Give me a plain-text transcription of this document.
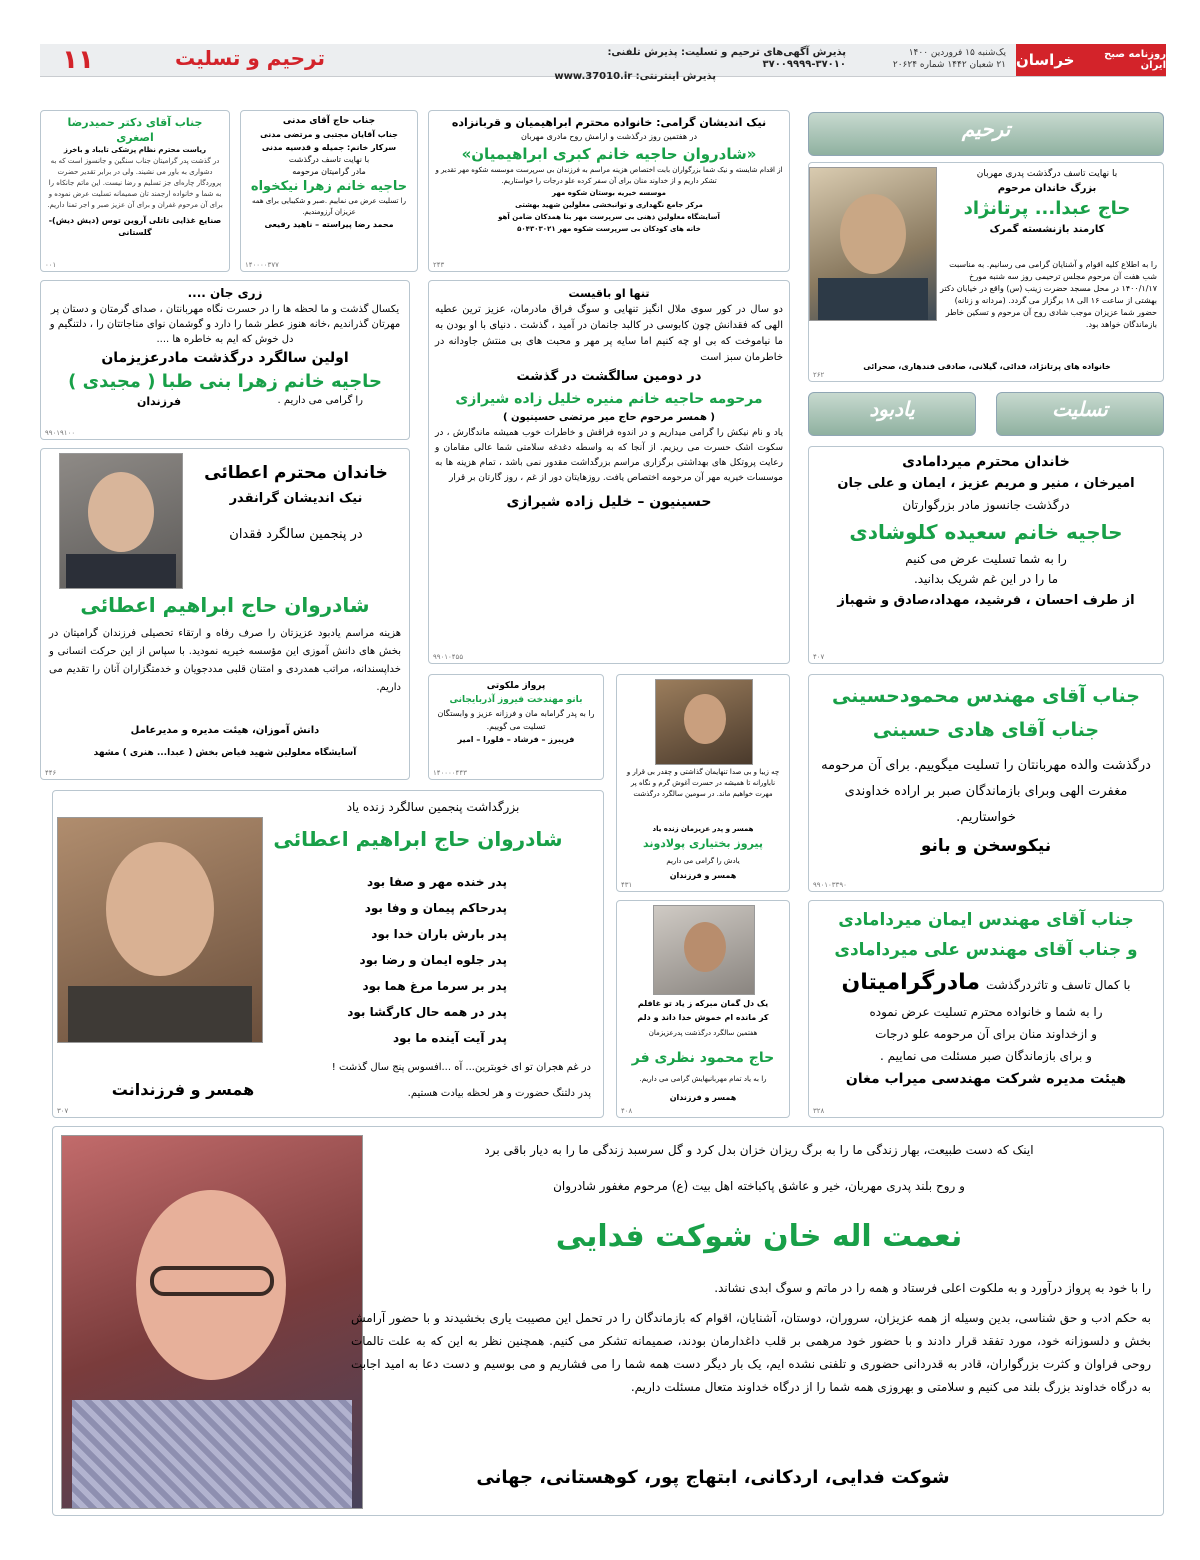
روزنامه صبح ایران
خراسان
یک‌شنبه ۱۵ فروردین ۱۴۰۰
۲۱ شعبان ۱۴۴۲ شماره ۲۰۶۲۴
پذیرش آگهی‌های ترحیم و تسلیت: پذیرش تلفنی: ۳۷۰۱۰-۳۷۰۰۹۹۹۹
پذیرش اینترنتی: www.37010.ir
ترحیم و تسلیت
۱۱

جناب آقای دکتر حمیدرضا اصغری

ریاست محترم نظام پزشکی تایباد و باخرز

در گذشت پدر گرامیتان جناب سنگین و جانسوز است که به دشواری به باور می نشیند. ولی در برابر تقدیر حضرت پروردگار چاره‌ای جز تسلیم و رضا نیست. این ماتم جانکاه را به شما و خانواده ارجمند تان صمیمانه تسلیت عرض نموده و برای آن مرحوم غفران و برای آن عزیز صبر و اجر تمنا داریم.

صنایع غذایی تاتلی آروین توس (دیش دیش)- گلستانی

۰۰۱

جناب حاج آقای مدنی

جناب آقایان مجتبی و مرتضی مدنی

سرکار خانم: جمیله و قدسیه مدنی

با نهایت تاسف درگذشت

مادر گرامیتان مرحومه

حاجیه خانم زهرا نیکخواه

را تسلیت عرض می نماییم .صبر و شکیبایی برای همه عزیزان آرزومندیم.

محمد رضا پیراسته – ناهید رفیعی

۱۴۰۰۰۰۳۷۷

نیک اندیشان گرامی: خانواده محترم ابراهیمیان و قربانزاده

در هفتمین روز درگذشت و ارامش روح مادری مهربان

«شادروان حاجیه خانم کبری ابراهیمیان»

از اقدام شایسته و نیک شما بزرگواران بابت اختصاص هزینه مراسم به فرزندان بی سرپرست موسسه شکوه مهر تقدیر و تشکر داریم و از خداوند منان برای آن سفر کرده علو درجات را خواستاریم.

موسسه خیریه بوستان شکوه مهر

مرکز جامع نگهداری و توانبخشی معلولین شهید بهشتی

آسایشگاه معلولین ذهنی بی سرپرست مهر بنا همدکان ضامن آهو

خانه های کودکان بی سرپرست شکوه مهر ۵۰۴۳۰۳۰۲۱

۲۴۳
ترحیم

با نهایت تاسف درگذشت پدری مهربان

بزرگ خاندان مرحوم

حاج عبدا... پرتانژاد

کارمند بازنشسته گمرک

را به اطلاع کلیه اقوام و آشنایان گرامی می رسانیم. به مناسبت شب هفت آن مرحوم مجلس ترحیمی روز سه شنبه مورخ ۱۴۰۰/۱/۱۷ در محل مسجد حضرت زینب (س) واقع در خیابان دکتر بهشتی از ساعت ۱۶ الی ۱۸ برگزار می گردد. (مردانه و زنانه) حضور شما عزیزان موجب شادی روح آن مرحوم و تسکین خاطر بازماندگان خواهد بود.

خانواده های پرتانژاد، فدائی، گیلانی، صادقی فندهاری، صحرائی

۲۶۲

زری جان ....

یکسال گذشت و ما لحظه ها را در حسرت نگاه مهربانتان ، صدای گرمتان و دستان پر مهرتان گذراندیم ،خانه هنوز عطر شما را دارد و گوشمان نوای مناجاتتان را ، دلتنگیم و دل خوش که ایم به خاطره ها ....

اولین سالگرد درگذشت مادرعزیزمان

حاجیه خانم زهرا بنی طبا ( مجیدی )

را گرامی می داریم .
فرزندان
۹۹۰۱۹۱۰۰

تنها او باقیست

دو سال در کور سوی ملال انگیز تنهایی و سوگ فراق مادرمان، عزیز ترین عطیه الهی که فقدانش چون کابوسی در کالبد جانمان در آمید ، گذشت . دنیای با او بودن به ما نیاموخت که بی او چه کنیم اما سایه پر مهر و محبت های بی منتش جاودانه در خاطرمان سبز است

در دومین سالگشت در گذشت

مرحومه حاجیه خانم منیره خلیل زاده شیرازی

( همسر مرحوم حاج میر مرتضی حسینیون )

یاد و نام نیکش را گرامی میداریم و در اندوه فراقش و خاطرات خوب همیشه ماندگارش ، در سکوت اشک حسرت می ریزیم. از آنجا که به واسطه دغدغه سلامتی شما عالی مقامان و رعایت پروتکل های بهداشتی برگزاری مراسم بزرگداشت مقدور نمی باشد ، تمام هزینه ها به موسسات خیریه مهر آن مرحومه اختصاص یافت. روزهایتان دور از غم ، روز گارتان بر قرار

حسینیون – خلیل زاده شیرازی

۹۹۰۱۰۴۵۵
تسلیت
یادبود

خاندان محترم میردامادی

امیرخان ، منیر و مریم عزیز ، ایمان و علی جان

درگذشت جانسوز مادر بزرگوارتان

حاجیه خانم سعیده کلوشادی

را به شما تسلیت عرض می کنیم

ما را در این غم شریک بدانید.

از طرف احسان ، فرشید، مهداد،صادق و شهباز

۴۰۷

خاندان محترم اعطائی

نیک اندیشان گرانقدر

در پنجمین سالگرد فقدان

شادروان حاج ابراهیم اعطائی

هزینه مراسم یادبود عزیزتان را صرف رفاه و ارتقاء تحصیلی فرزندان گرامیتان در بخش های دانش آموزی این مؤسسه خیریه نمودید. با سپاس از این حرکت انسانی و خداپسندانه، مراتب همدردی و امتنان قلبی مددجویان و خدمتگزاران آنان را تقدیم می داریم.

دانش آموزان، هیئت مدیره و مدیرعامل

آسایشگاه معلولین شهید فیاض بخش ( عبدا... هنری ) مشهد

۴۴۶

پرواز ملکوتی

بانو مهندخت فیروز آذربایجانی

را به پدر گرامابه مان و فرزانه عزیز و وابستگان تسلیت می گوییم.

فریبرز – فرشاد – فلورا – امیر

۱۴۰۰۰۰۴۴۳	چه زیبا و بی صدا تنهایمان گذاشتی و چقدر بی قرار و ناباورانه تا همیشه در حسرت آغوش گرم و نگاه پر مهرت خواهیم ماند. در سومین سالگرد درگذشت

همسر و پدر عزیزمان زنده یاد

پیروز بختیاری پولادوند

یادش را گرامی می داریم

همسر و فرزندان

۴۳۱

جناب آقای مهندس محمودحسینی

جناب آقای هادی حسینی

درگذشت والده مهربانتان را تسلیت میگوییم. برای آن مرحومه مغفرت الهی وبرای بازماندگان صبر بر اراده خداوندی خواستاریم.

نیکوسخن و بانو

۹۹۰۱۰۳۳۹۰

بزرگداشت پنجمین سالگرد زنده یاد

شادروان حاج ابراهیم اعطائی

پدر خنده مهر و صفا بود

پدرحاکم پیمان و وفا بود

پدر بارش باران خدا بود

پدر جلوه ایمان و رضا بود

پدر بر سرما مرغ هما بود

پدر در همه حال کارگشا بود

پدر آیت آینده ما بود

در غم هجران تو ای خوبترین... آه ...افسوس پنج سال گذشت !

پدر دلتنگ حضورت و هر لحظه بیادت هستیم.

همسر و فرزندانت

۳۰۷

یک دل گمان مبرکه ز یاد تو غافلم

کر مانده ام خموش خدا داند و دلم

هفتمین سالگرد درگذشت پدرعزیزمان

حاج محمود نظری فر

را به یاد تمام مهربانیهایش گرامی می داریم.

همسر و فرزندان

۴۰۸

جناب آقای مهندس ایمان میردامادی

و جناب آقای مهندس علی میردامادی

با کمال تاسف و تاثردرگذشت
مادرگرامیتان

را به شما و خانواده محترم تسلیت عرض نموده

و ازخداوند منان برای آن مرحومه علو درجات

و برای بازماندگان صبر مسئلت می نماییم .

هیئت مدیره شرکت مهندسی میراب مغان

۳۲۸

اینک که دست طبیعت، بهار زندگی ما را به برگ ریزان خزان بدل کرد و گل سرسبد زندگی ما را به دیار باقی برد

و روح بلند پدری مهربان، خیر و عاشق پاکباخته اهل بیت (ع) مرحوم مغفور شادروان

نعمت اله خان شوکت فدایی

را با خود به پرواز درآورد و به ملکوت اعلی فرستاد و همه را در ماتم و سوگ ابدی نشاند.

به حکم ادب و حق شناسی، بدین وسیله از همه عزیزان، سروران، دوستان، آشنایان، اقوام که بازماندگان را در تحمل این مصیبت یاری بخشیدند و با حضور آرامش بخش و دلسوزانه خود، مورد تفقد قرار دادند و با حضور خود مرهمی بر قلب داغدارمان بودند، صمیمانه تشکر می کنیم. همچنین نظر به این که به علت تالمات روحی فراوان و کثرت بزرگواران، قادر به قدردانی حضوری و تلفنی نشده ایم، یک بار دیگر دست همه شما را می فشاریم و می بوسیم و دست دعا به امید اجابت به درگاه خداوند بزرگ بلند می کنیم و سلامتی و بهروزی همه شما را از درگاه خداوند متعال مسئلت داریم.

شوکت فدایی، اردکانی، ابتهاج پور، کوهستانی، جهانی
